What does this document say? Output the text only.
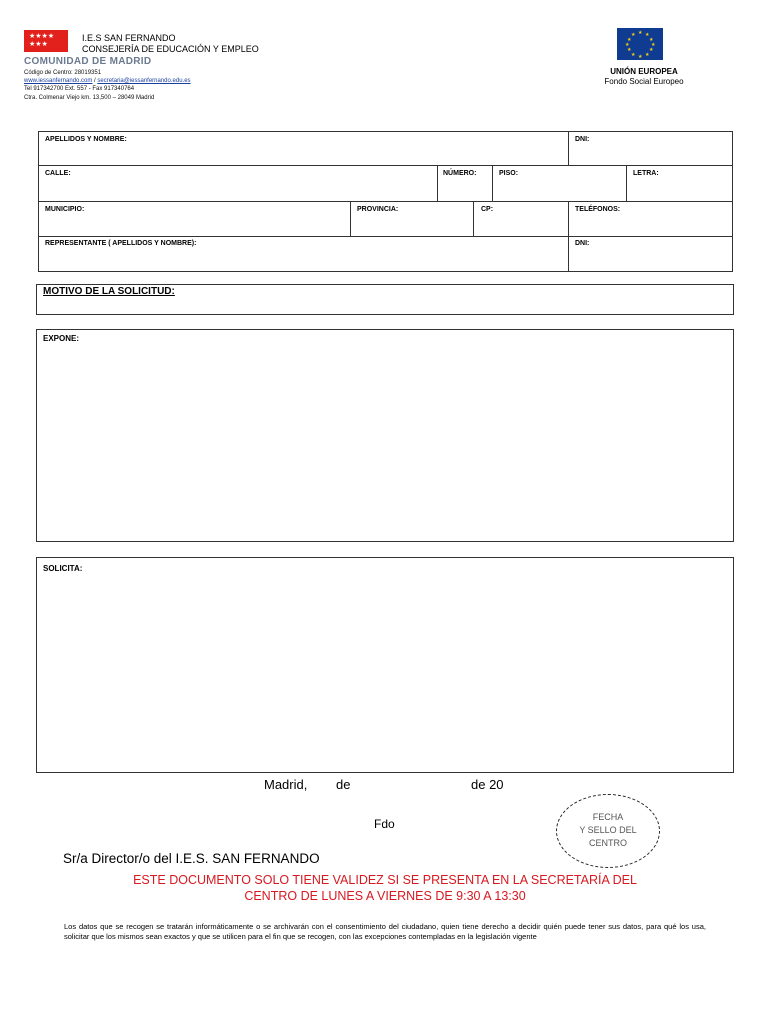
★★★★
★★★
I.E.S SAN FERNANDO
CONSEJERÍA DE EDUCACIÓN Y EMPLEO
COMUNIDAD DE MADRID
Código de Centro: 28019351
www.iessanfernando.com / secretaria@iessanfernando.edu.es
Tel 917342700 Ext. 557 - Fax 917340764
Ctra. Colmenar Viejo km. 13,500 – 28049 Madrid
★ ★
★
★
★
★
★
★
★
★
★
★
UNIÓN EUROPEA
Fondo Social Europeo
APELLIDOS Y NOMBRE:	DNI:
CALLE:	NÚMERO:	PISO:	LETRA:
MUNICIPIO:	PROVINCIA:	CP:	TELÉFONOS:
REPRESENTANTE ( APELLIDOS Y NOMBRE):	DNI:
MOTIVO DE LA SOLICITUD:
EXPONE:
SOLICITA:
Madrid, de	de 20
Fdo	FECHA
Y SELLO DEL
CENTRO
Sr/a Director/o del I.E.S. SAN FERNANDO
ESTE DOCUMENTO SOLO TIENE VALIDEZ SI SE PRESENTA EN LA SECRETARÍA DEL
CENTRO DE LUNES A VIERNES DE 9:30 A 13:30
Los datos que se recogen se tratarán informáticamente o se archivarán con el consentimiento del ciudadano, quien tiene derecho a decidir quién puede tener sus datos, para qué los usa, solicitar que los mismos sean exactos y que se utilicen para el fin que se recogen, con las excepciones contempladas en la legislación vigente
